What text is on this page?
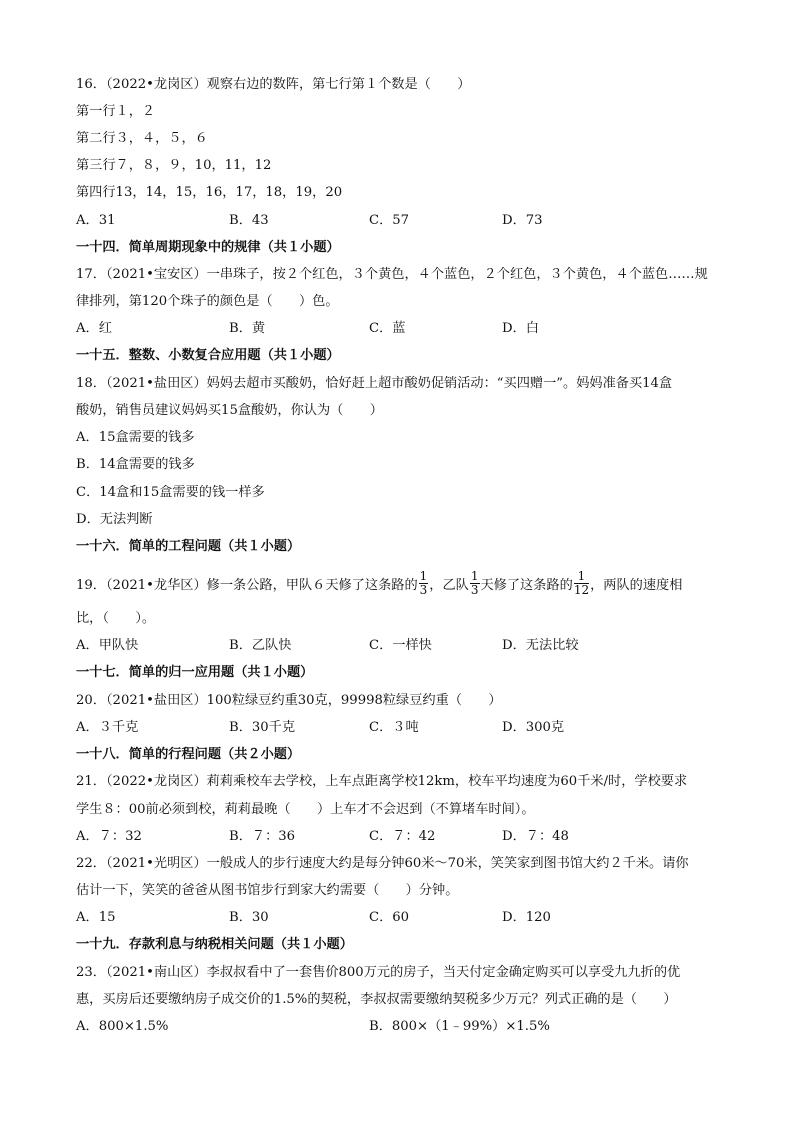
16．（2022•龙岗区）观察右边的数阵，第七行第１个数是（　　）
第一行１，２
第二行３，４，５，６
第三行７，８，９，10，11，12
第四行13，14，15，16，17，18，19，20
A．31	B．43	C．57	D．73
一十四．简单周期现象中的规律（共１小题）
17．（2021•宝安区）一串珠子，按２个红色，３个黄色，４个蓝色，２个红色，３个黄色，４个蓝色……规
律排列，第120个珠子的颜色是（　　）色。
A．红	B．黄	C．蓝	D．白
一十五．整数、小数复合应用题（共１小题）
18．（2021•盐田区）妈妈去超市买酸奶，恰好赶上超市酸奶促销活动：“买四赠一”。妈妈准备买14盒
酸奶，销售员建议妈妈买15盒酸奶，你认为（　　）
A．15盒需要的钱多
B．14盒需要的钱多
C．14盒和15盒需要的钱一样多
D．无法判断
一十六．简单的工程问题（共１小题）
19．（2021•龙华区）修一条公路，甲队６天修了这条路的 $\frac{1}{3}$ ，乙队 $\frac{1}{3}$ 天修了这条路的 $\frac{1}{12}$ ，两队的速度相
比，（　　）。
A．甲队快	B．乙队快	C．一样快	D．无法比较
一十七．简单的归一应用题（共１小题）
20．（2021•盐田区）100粒绿豆约重30克，99998粒绿豆约重（　　）
A．３千克	B．30千克	C．３吨	D．300克
一十八．简单的行程问题（共２小题）
21．（2022•龙岗区）莉莉乘校车去学校，上车点距离学校12km，校车平均速度为60千米/时，学校要求
学生８：00前必须到校，莉莉最晚（　　）上车才不会迟到（不算堵车时间）。
A．７：32	B．７：36	C．７：42	D．７：48
22．（2021•光明区）一般成人的步行速度大约是每分钟60米～70米，笑笑家到图书馆大约２千米。请你
估计一下，笑笑的爸爸从图书馆步行到家大约需要（　　）分钟。
A．15	B．30	C．60	D．120
一十九．存款利息与纳税相关问题（共１小题）
23．（2021•南山区）李叔叔看中了一套售价800万元的房子，当天付定金确定购买可以享受九九折的优
惠，买房后还要缴纳房子成交价的1.5%的契税，李叔叔需要缴纳契税多少万元？列式正确的是（　　）
A．800×1.5%	B．800×（1﹣99%）×1.5%
